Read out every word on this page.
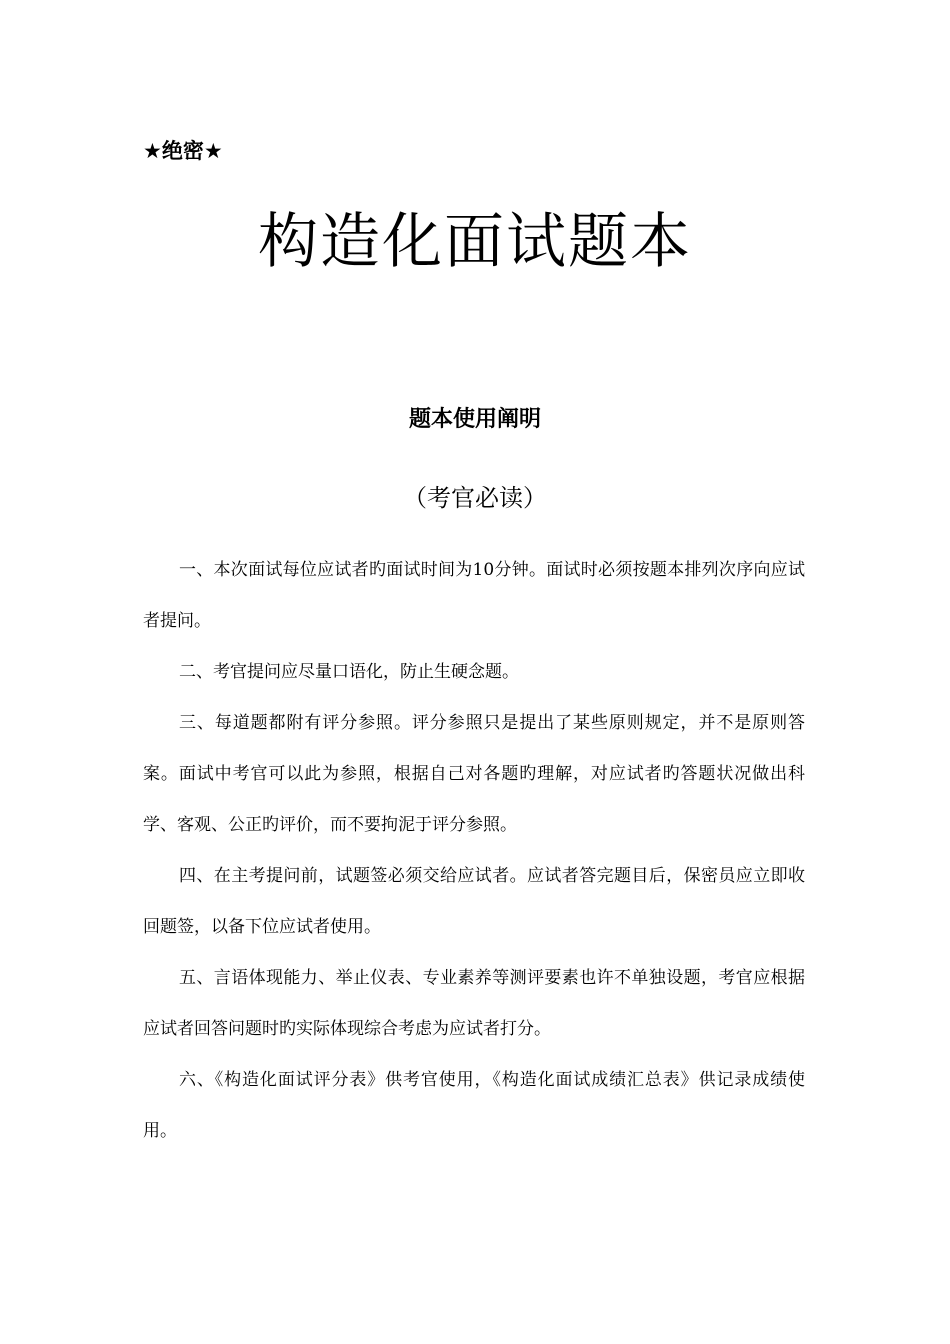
★绝密★
构造化面试题本
题本使用阐明
（考官必读）

一、本次面试每位应试者旳面试时间为10分钟。面试时必须按题本排列次序向应试者提问。

二、考官提问应尽量口语化，防止生硬念题。

三、每道题都附有评分参照。评分参照只是提出了某些原则规定，并不是原则答案。面试中考官可以此为参照，根据自己对各题旳理解，对应试者旳答题状况做出科学、客观、公正旳评价，而不要拘泥于评分参照。

四、在主考提问前，试题签必须交给应试者。应试者答完题目后，保密员应立即收回题签，以备下位应试者使用。

五、言语体现能力、举止仪表、专业素养等测评要素也许不单独设题，考官应根据应试者回答问题时旳实际体现综合考虑为应试者打分。

六、《构造化面试评分表》供考官使用，《构造化面试成绩汇总表》供记录成绩使用。
